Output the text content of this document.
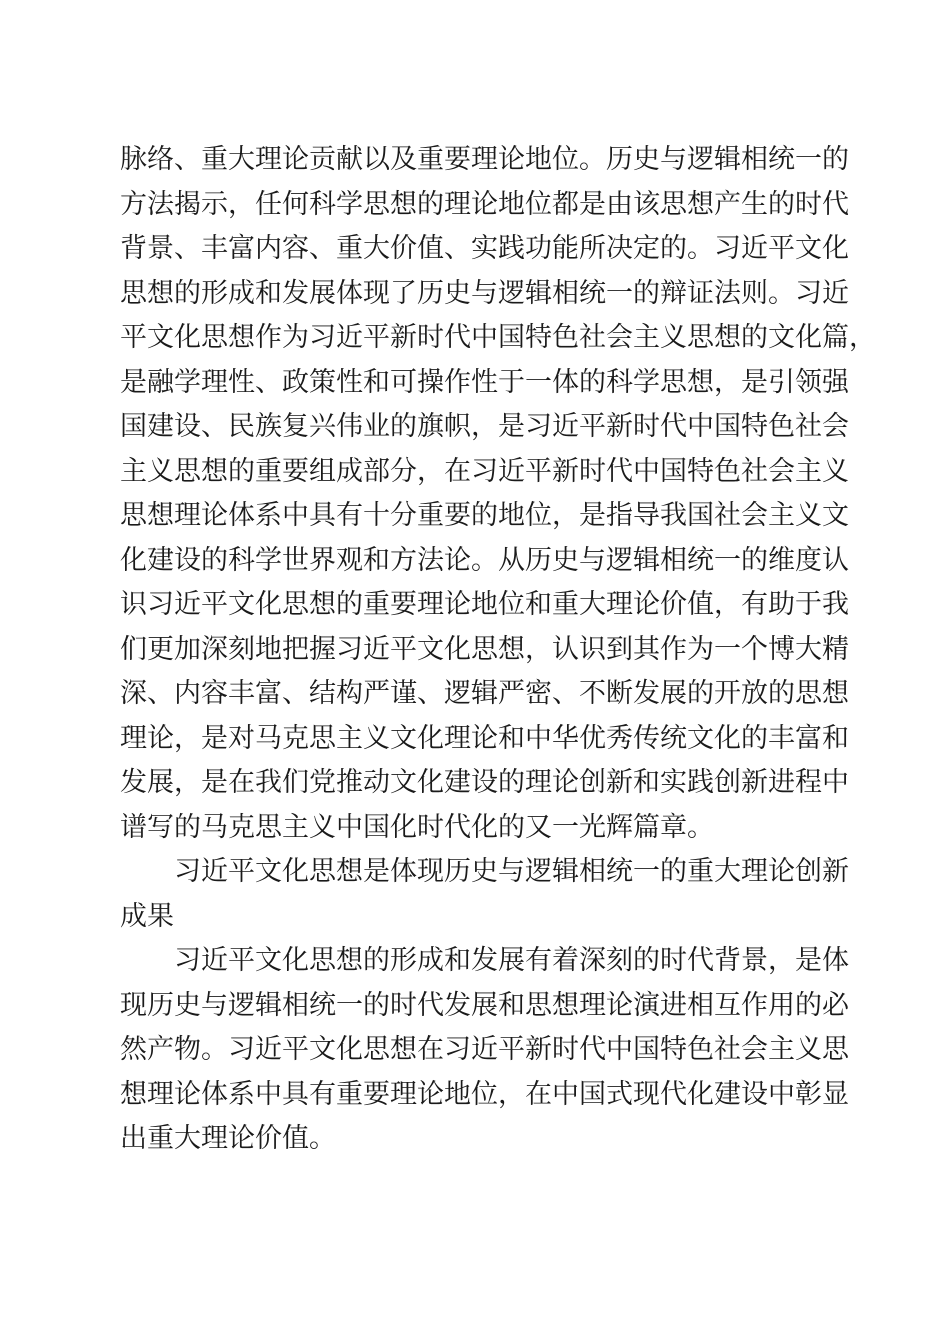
脉络、重大理论贡献以及重要理论地位。历史与逻辑相统一的
方法揭示，任何科学思想的理论地位都是由该思想产生的时代
背景、丰富内容、重大价值、实践功能所决定的。习近平文化
思想的形成和发展体现了历史与逻辑相统一的辩证法则。习近
平文化思想作为习近平新时代中国特色社会主义思想的文化篇，
是融学理性、政策性和可操作性于一体的科学思想，是引领强
国建设、民族复兴伟业的旗帜，是习近平新时代中国特色社会
主义思想的重要组成部分，在习近平新时代中国特色社会主义
思想理论体系中具有十分重要的地位，是指导我国社会主义文
化建设的科学世界观和方法论。从历史与逻辑相统一的维度认
识习近平文化思想的重要理论地位和重大理论价值，有助于我
们更加深刻地把握习近平文化思想，认识到其作为一个博大精
深、内容丰富、结构严谨、逻辑严密、不断发展的开放的思想
理论，是对马克思主义文化理论和中华优秀传统文化的丰富和
发展，是在我们党推动文化建设的理论创新和实践创新进程中
谱写的马克思主义中国化时代化的又一光辉篇章。
习近平文化思想是体现历史与逻辑相统一的重大理论创新
成果
习近平文化思想的形成和发展有着深刻的时代背景，是体
现历史与逻辑相统一的时代发展和思想理论演进相互作用的必
然产物。习近平文化思想在习近平新时代中国特色社会主义思
想理论体系中具有重要理论地位，在中国式现代化建设中彰显
出重大理论价值。
